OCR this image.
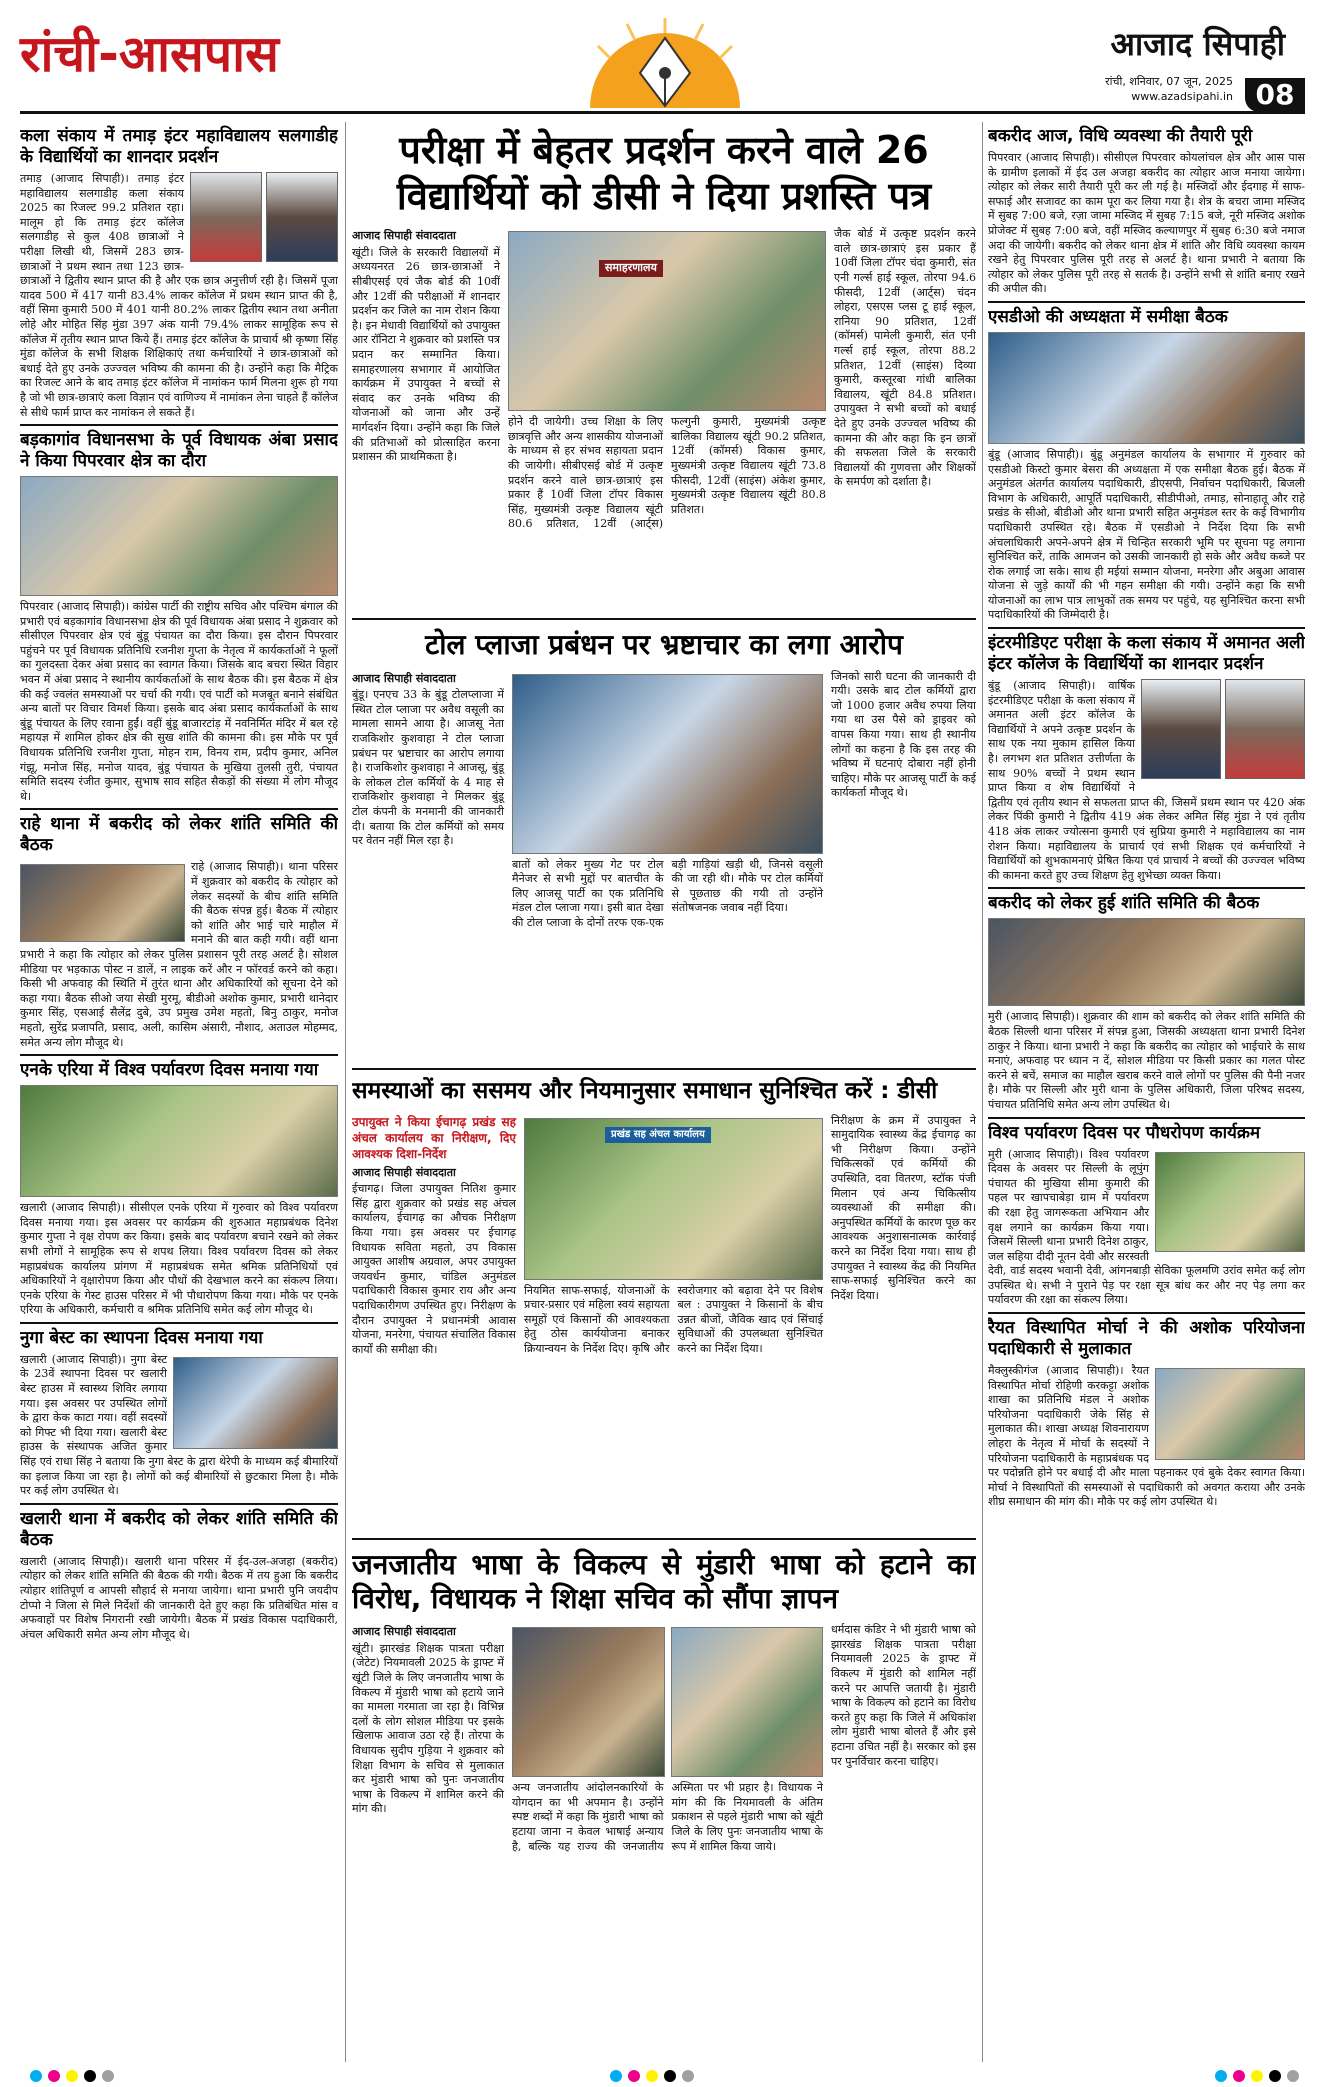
रांची-आसपास	आजाद सिपाही
रांची, शनिवार, 07 जून, 2025
www.azadsipahi.in 08
कला संकाय में तमाड़ इंटर महाविद्यालय सलगाडीह के विद्यार्थियों का शानदार प्रदर्शन

तमाड़ (आजाद सिपाही)। तमाड़ इंटर महाविद्यालय सलगाडीह कला संकाय 2025 का रिजल्ट 99.2 प्रतिशत रहा। मालूम हो कि तमाड़ इंटर कॉलेज सलगाडीह से कुल 408 छात्राओं ने परीक्षा लिखी थी, जिसमें 283 छात्र-छात्राओं ने प्रथम स्थान तथा 123 छात्र-छात्राओं ने द्वितीय स्थान प्राप्त की है और एक छात्र अनुत्तीर्ण रही है। जिसमें पूजा यादव 500 में 417 यानी 83.4% लाकर कॉलेज में प्रथम स्थान प्राप्त की है, वहीं सिमा कुमारी 500 में 401 यानी 80.2% लाकर द्वितीय स्थान तथा अनीता लोहे और मोहित सिंह मुंडा 397 अंक यानी 79.4% लाकर सामूहिक रूप से कॉलेज में तृतीय स्थान प्राप्त किये हैं। तमाड़ इंटर कॉलेज के प्राचार्य श्री कृष्णा सिंह मुंडा कॉलेज के सभी शिक्षक शिक्षिकाएं तथा कर्मचारियों ने छात्र-छात्राओं को बधाई देते हुए उनके उज्ज्वल भविष्य की कामना की है। उन्होंने कहा कि मैट्रिक का रिजल्ट आने के बाद तमाड़ इंटर कॉलेज में नामांकन फार्म मिलना शुरू हो गया है जो भी छात्र-छात्राएं कला विज्ञान एवं वाणिज्य में नामांकन लेना चाहते हैं कॉलेज से सीधे फार्म प्राप्त कर नामांकन ले सकते हैं।

बड़कागांव विधानसभा के पूर्व विधायक अंबा प्रसाद ने किया पिपरवार क्षेत्र का दौरा

पिपरवार (आजाद सिपाही)। कांग्रेस पार्टी की राष्ट्रीय सचिव और पश्चिम बंगाल की प्रभारी एवं बड़कागांव विधानसभा क्षेत्र की पूर्व विधायक अंबा प्रसाद ने शुक्रवार को सीसीएल पिपरवार क्षेत्र एवं बुंडू पंचायत का दौरा किया। इस दौरान पिपरवार पहुंचने पर पूर्व विधायक प्रतिनिधि रजनीश गुप्ता के नेतृत्व में कार्यकर्ताओं ने फूलों का गुलदस्ता देकर अंबा प्रसाद का स्वागत किया। जिसके बाद बचरा स्थित विहार भवन में अंबा प्रसाद ने स्थानीय कार्यकर्ताओं के साथ बैठक की। इस बैठक में क्षेत्र की कई ज्वलंत समस्याओं पर चर्चा की गयी। एवं पार्टी को मजबूत बनाने संबंधित अन्य बातों पर विचार विमर्श किया। इसके बाद अंबा प्रसाद कार्यकर्ताओं के साथ बुंडू पंचायत के लिए रवाना हुईं। वहीं बुंडू बाजारटांड़ में नवनिर्मित मंदिर में बल रहे महायज्ञ में शामिल होकर क्षेत्र की सुख शांति की कामना की। इस मौके पर पूर्व विधायक प्रतिनिधि रजनीश गुप्ता, मोहन राम, विनय राम, प्रदीप कुमार, अनिल गंझू, मनोज सिंह, मनोज यादव, बुंडू पंचायत के मुखिया तुलसी तुरी, पंचायत समिति सदस्य रंजीत कुमार, सुभाष साव सहित सैकड़ों की संख्या में लोग मौजूद थे।

राहे थाना में बकरीद को लेकर शांति समिति की बैठक

राहे (आजाद सिपाही)। थाना परिसर में शुक्रवार को बकरीद के त्योहार को लेकर सदस्यों के बीच शांति समिति की बैठक संपन्न हुई। बैठक में त्योहार को शांति और भाई चारे माहौल में मनाने की बात कही गयी। वहीं थाना प्रभारी ने कहा कि त्योहार को लेकर पुलिस प्रशासन पूरी तरह अलर्ट है। सोशल मीडिया पर भड़काऊ पोस्ट न डालें, न लाइक करें और न फॉरवर्ड करने को कहा। किसी भी अफवाह की स्थिति में तुरंत थाना और अधिकारियों को सूचना देने को कहा गया। बैठक सीओ जया सेखी मुरमू, बीडीओ अशोक कुमार, प्रभारी थानेदार कुमार सिंह, एसआई सैलेंद्र दुबे, उप प्रमुख उमेश महतो, बिनु ठाकुर, मनोज महतो, सुरेंद्र प्रजापति, प्रसाद, अली, कासिम अंसारी, नौशाद, अताउल मोहम्मद, समेत अन्य लोग मौजूद थे।

एनके एरिया में विश्व पर्यावरण दिवस मनाया गया

खलारी (आजाद सिपाही)। सीसीएल एनके एरिया में गुरुवार को विश्व पर्यावरण दिवस मनाया गया। इस अवसर पर कार्यक्रम की शुरुआत महाप्रबंधक दिनेश कुमार गुप्ता ने वृक्ष रोपण कर किया। इसके बाद पर्यावरण बचाने रखने को लेकर सभी लोगों ने सामूहिक रूप से शपथ लिया। विश्व पर्यावरण दिवस को लेकर महाप्रबंधक कार्यालय प्रांगण में महाप्रबंधक समेत श्रमिक प्रतिनिधियों एवं अधिकारियों ने वृक्षारोपण किया और पौधों की देखभाल करने का संकल्प लिया। एनके एरिया के गेस्ट हाउस परिसर में भी पौधारोपण किया गया। मौके पर एनके एरिया के अधिकारी, कर्मचारी व श्रमिक प्रतिनिधि समेत कई लोग मौजूद थे।

नुगा बेस्ट का स्थापना दिवस मनाया गया

खलारी (आजाद सिपाही)। नुगा बेस्ट के 23वें स्थापना दिवस पर खलारी बेस्ट हाउस में स्वास्थ्य शिविर लगाया गया। इस अवसर पर उपस्थित लोगों के द्वारा केक काटा गया। वहीं सदस्यों को गिफ्ट भी दिया गया। खलारी बेस्ट हाउस के संस्थापक अजित कुमार सिंह एवं राधा सिंह ने बताया कि नुगा बेस्ट के द्वारा थेरेपी के माध्यम कई बीमारियों का इलाज किया जा रहा है। लोगों को कई बीमारियों से छुटकारा मिला है। मौके पर कई लोग उपस्थित थे।

खलारी थाना में बकरीद को लेकर शांति समिति की बैठक

खलारी (आजाद सिपाही)। खलारी थाना परिसर में ईद-उल-अजहा (बकरीद) त्योहार को लेकर शांति समिति की बैठक की गयी। बैठक में तय हुआ कि बकरीद त्योहार शांतिपूर्ण व आपसी सौहार्द से मनाया जायेगा। थाना प्रभारी पुनि जयदीप टोप्पो ने जिला से मिले निर्देशों की जानकारी देते हुए कहा कि प्रतिबंधित मांस व अफवाहों पर विशेष निगरानी रखी जायेगी। बैठक में प्रखंड विकास पदाधिकारी, अंचल अधिकारी समेत अन्य लोग मौजूद थे।

परीक्षा में बेहतर प्रदर्शन करने वाले 26 विद्यार्थियों को डीसी ने दिया प्रशस्ति पत्र
आजाद सिपाही संवाददाता

खूंटी। जिले के सरकारी विद्यालयों में अध्ययनरत 26 छात्र-छात्राओं ने सीबीएसई एवं जैक बोर्ड की 10वीं और 12वीं की परीक्षाओं में शानदार प्रदर्शन कर जिले का नाम रोशन किया है। इन मेधावी विद्यार्थियों को उपायुक्त आर रॉनिटा ने शुक्रवार को प्रशस्ति पत्र प्रदान कर सम्मानित किया। समाहरणालय सभागार में आयोजित कार्यक्रम में उपायुक्त ने बच्चों से संवाद कर उनके भविष्य की योजनाओं को जाना और उन्हें मार्गदर्शन दिया। उन्होंने कहा कि जिले की प्रतिभाओं को प्रोत्साहित करना प्रशासन की प्राथमिकता है।

समाहरणालय

होने दी जायेगी। उच्च शिक्षा के लिए छात्रवृत्ति और अन्य शासकीय योजनाओं के माध्यम से हर संभव सहायता प्रदान की जायेगी। सीबीएसई बोर्ड में उत्कृष्ट प्रदर्शन करने वाले छात्र-छात्राएं इस प्रकार हैं 10वीं जिला टॉपर विकास सिंह, मुख्यमंत्री उत्कृष्ट विद्यालय खूंटी 80.6 प्रतिशत, 12वीं (आर्ट्स) फल्गुनी कुमारी, मुख्यमंत्री उत्कृष्ट बालिका विद्यालय खूंटी 90.2 प्रतिशत, 12वीं (कॉमर्स) विकास कुमार, मुख्यमंत्री उत्कृष्ट विद्यालय खूंटी 73.8 फीसदी, 12वीं (साइंस) अंकेश कुमार, मुख्यमंत्री उत्कृष्ट विद्यालय खूंटी 80.8 प्रतिशत।

जैक बोर्ड में उत्कृष्ट प्रदर्शन करने वाले छात्र-छात्राएं इस प्रकार हैं 10वीं जिला टॉपर चंदा कुमारी, संत एनी गर्ल्स हाई स्कूल, तोरपा 94.6 फीसदी, 12वीं (आर्ट्स) चंदन लोहरा, एसएस प्लस टू हाई स्कूल, रानिया 90 प्रतिशत, 12वीं (कॉमर्स) पामेली कुमारी, संत एनी गर्ल्स हाई स्कूल, तोरपा 88.2 प्रतिशत, 12वीं (साइंस) दिव्या कुमारी, कस्तूरबा गांधी बालिका विद्यालय, खूंटी 84.8 प्रतिशत। उपायुक्त ने सभी बच्चों को बधाई देते हुए उनके उज्ज्वल भविष्य की कामना की और कहा कि इन छात्रों की सफलता जिले के सरकारी विद्यालयों की गुणवत्ता और शिक्षकों के समर्पण को दर्शाता है।

टोल प्लाजा प्रबंधन पर भ्रष्टाचार का लगा आरोप
आजाद सिपाही संवाददाता

बुंडू। एनएच 33 के बुंडू टोलप्लाजा में स्थित टोल प्लाजा पर अवैध वसूली का मामला सामने आया है। आजसू नेता राजकिशोर कुशवाहा ने टोल प्लाजा प्रबंधन पर भ्रष्टाचार का आरोप लगाया है। राजकिशोर कुशवाहा ने आजसू, बुंडू के लोकल टोल कर्मियों के 4 माह से राजकिशोर कुशवाहा ने मिलकर बुंडू टोल कंपनी के मनमानी की जानकारी दी। बताया कि टोल कर्मियों को समय पर वेतन नहीं मिल रहा है।

बातों को लेकर मुख्य गेट पर टोल मैनेजर से सभी मुद्दों पर बातचीत के लिए आजसू पार्टी का एक प्रतिनिधि मंडल टोल प्लाजा गया। इसी बात देखा की टोल प्लाजा के दोनों तरफ एक-एक बड़ी गाड़ियां खड़ी थी, जिनसे वसूली की जा रही थी। मौके पर टोल कर्मियों से पूछताछ की गयी तो उन्होंने संतोषजनक जवाब नहीं दिया।

जिनको सारी घटना की जानकारी दी गयी। उसके बाद टोल कर्मियों द्वारा जो 1000 हजार अवैध रुपया लिया गया था उस पैसे को ड्राइवर को वापस किया गया। साथ ही स्थानीय लोगों का कहना है कि इस तरह की भविष्य में घटनाएं दोबारा नहीं होनी चाहिए। मौके पर आजसू पार्टी के कई कार्यकर्ता मौजूद थे।

समस्याओं का ससमय और नियमानुसार समाधान सुनिश्चित करें : डीसी
उपायुक्त ने किया ईचागढ़ प्रखंड सह अंचल कार्यालय का निरीक्षण, दिए आवश्यक दिशा-निर्देश
आजाद सिपाही संवाददाता

ईचागढ़। जिला उपायुक्त नितिश कुमार सिंह द्वारा शुक्रवार को प्रखंड सह अंचल कार्यालय, ईचागढ़ का औचक निरीक्षण किया गया। इस अवसर पर ईचागढ़ विधायक सविता महतो, उप विकास आयुक्त आशीष अग्रवाल, अपर उपायुक्त जयवर्धन कुमार, चांडिल अनुमंडल पदाधिकारी विकास कुमार राय और अन्य पदाधिकारीगण उपस्थित हुए। निरीक्षण के दौरान उपायुक्त ने प्रधानमंत्री आवास योजना, मनरेगा, पंचायत संचालित विकास कार्यों की समीक्षा की।

प्रखंड सह अंचल कार्यालय

नियमित साफ-सफाई, योजनाओं के प्रचार-प्रसार एवं महिला स्वयं सहायता समूहों एवं किसानों की आवश्यकता हेतु ठोस कार्ययोजना बनाकर क्रियान्वयन के निर्देश दिए। कृषि और स्वरोजगार को बढ़ावा देने पर विशेष बल : उपायुक्त ने किसानों के बीच उन्नत बीजों, जैविक खाद एवं सिंचाई सुविधाओं की उपलब्धता सुनिश्चित करने का निर्देश दिया।

निरीक्षण के क्रम में उपायुक्त ने सामुदायिक स्वास्थ्य केंद्र ईचागढ़ का भी निरीक्षण किया। उन्होंने चिकित्सकों एवं कर्मियों की उपस्थिति, दवा वितरण, स्टॉक पंजी मिलान एवं अन्य चिकित्सीय व्यवस्थाओं की समीक्षा की। अनुपस्थित कर्मियों के कारण पूछ कर आवश्यक अनुशासनात्मक कार्रवाई करने का निर्देश दिया गया। साथ ही उपायुक्त ने स्वास्थ्य केंद्र की नियमित साफ-सफाई सुनिश्चित करने का निर्देश दिया।

जनजातीय भाषा के विकल्प से मुंडारी भाषा को हटाने का विरोध, विधायक ने शिक्षा सचिव को सौंपा ज्ञापन
आजाद सिपाही संवाददाता

खूंटी। झारखंड शिक्षक पात्रता परीक्षा (जेटेट) नियमावली 2025 के ड्राफ्ट में खूंटी जिले के लिए जनजातीय भाषा के विकल्प में मुंडारी भाषा को हटाये जाने का मामला गरमाता जा रहा है। विभिन्न दलों के लोग सोशल मीडिया पर इसके खिलाफ आवाज उठा रहे हैं। तोरपा के विधायक सुदीप गुड़िया ने शुक्रवार को शिक्षा विभाग के सचिव से मुलाकात कर मुंडारी भाषा को पुनः जनजातीय भाषा के विकल्प में शामिल करने की मांग की।

अन्य जनजातीय आंदोलनकारियों के योगदान का भी अपमान है। उन्होंने स्पष्ट शब्दों में कहा कि मुंडारी भाषा को हटाया जाना न केवल भाषाई अन्याय है, बल्कि यह राज्य की जनजातीय अस्मिता पर भी प्रहार है। विधायक ने मांग की कि नियमावली के अंतिम प्रकाशन से पहले मुंडारी भाषा को खूंटी जिले के लिए पुनः जनजातीय भाषा के रूप में शामिल किया जाये।

धर्मदास कंडिर ने भी मुंडारी भाषा को झारखंड शिक्षक पात्रता परीक्षा नियमावली 2025 के ड्राफ्ट में विकल्प में मुंडारी को शामिल नहीं करने पर आपत्ति जतायी है। मुंडारी भाषा के विकल्प को हटाने का विरोध करते हुए कहा कि जिले में अधिकांश लोग मुंडारी भाषा बोलते हैं और इसे हटाना उचित नहीं है। सरकार को इस पर पुनर्विचार करना चाहिए।

बकरीद आज, विधि व्यवस्था की तैयारी पूरी

पिपरवार (आजाद सिपाही)। सीसीएल पिपरवार कोयलांचल क्षेत्र और आस पास के ग्रामीण इलाकों में ईद उल अजहा बकरीद का त्योहार आज मनाया जायेगा। त्योहार को लेकर सारी तैयारी पूरी कर ली गई है। मस्जिदों और ईदगाह में साफ-सफाई और सजावट का काम पूरा कर लिया गया है। शेत्र के बचरा जामा मस्जिद में सुबह 7:00 बजे, रज़ा जामा मस्जिद में सुबह 7:15 बजे, नूरी मस्जिद अशोक प्रोजेक्ट में सुबह 7:00 बजे, वहीं मस्जिद कल्याणपुर में सुबह 6:30 बजे नमाज अदा की जायेगी। बकरीद को लेकर थाना क्षेत्र में शांति और विधि व्यवस्था कायम रखने हेतु पिपरवार पुलिस पूरी तरह से अलर्ट है। थाना प्रभारी ने बताया कि त्योहार को लेकर पुलिस पूरी तरह से सतर्क है। उन्होंने सभी से शांति बनाए रखने की अपील की।

एसडीओ की अध्यक्षता में समीक्षा बैठक

बुंडू (आजाद सिपाही)। बुंडू अनुमंडल कार्यालय के सभागार में गुरुवार को एसडीओ किस्टो कुमार बेसरा की अध्यक्षता में एक समीक्षा बैठक हुई। बैठक में अनुमंडल अंतर्गत कार्यालय पदाधिकारी, डीएसपी, निर्वाचन पदाधिकारी, बिजली विभाग के अधिकारी, आपूर्ति पदाधिकारी, सीडीपीओ, तमाड़, सोनाहातू और राहे प्रखंड के सीओ, बीडीओ और थाना प्रभारी सहित अनुमंडल स्तर के कई विभागीय पदाधिकारी उपस्थित रहे। बैठक में एसडीओ ने निर्देश दिया कि सभी अंचलाधिकारी अपने-अपने क्षेत्र में चिन्हित सरकारी भूमि पर सूचना पट्ट लगाना सुनिश्चित करें, ताकि आमजन को उसकी जानकारी हो सके और अवैध कब्जे पर रोक लगाई जा सके। साथ ही मईयां सम्मान योजना, मनरेगा और अबुआ आवास योजना से जुड़े कार्यों की भी गहन समीक्षा की गयी। उन्होंने कहा कि सभी योजनाओं का लाभ पात्र लाभुकों तक समय पर पहुंचे, यह सुनिश्चित करना सभी पदाधिकारियों की जिम्मेदारी है।

इंटरमीडिएट परीक्षा के कला संकाय में अमानत अली इंटर कॉलेज के विद्यार्थियों का शानदार प्रदर्शन

बुंडू (आजाद सिपाही)। वार्षिक इंटरमीडिएट परीक्षा के कला संकाय में अमानत अली इंटर कॉलेज के विद्यार्थियों ने अपने उत्कृष्ट प्रदर्शन के साथ एक नया मुकाम हासिल किया है। लगभग शत प्रतिशत उत्तीर्णता के साथ 90% बच्चों ने प्रथम स्थान प्राप्त किया व शेष विद्यार्थियों ने द्वितीय एवं तृतीय स्थान से सफलता प्राप्त की, जिसमें प्रथम स्थान पर 420 अंक लेकर पिंकी कुमारी ने द्वितीय 419 अंक लेकर अमित सिंह मुंडा ने एवं तृतीय 418 अंक लाकर ज्योत्सना कुमारी एवं सुप्रिया कुमारी ने महाविद्यालय का नाम रोशन किया। महाविद्यालय के प्राचार्य एवं सभी शिक्षक एवं कर्मचारियों ने विद्यार्थियों को शुभकामनाएं प्रेषित किया एवं प्राचार्य ने बच्चों की उज्ज्वल भविष्य की कामना करते हुए उच्च शिक्षण हेतु शुभेच्छा व्यक्त किया।

बकरीद को लेकर हुई शांति समिति की बैठक

मुरी (आजाद सिपाही)। शुक्रवार की शाम को बकरीद को लेकर शांति समिति की बैठक सिल्ली थाना परिसर में संपन्न हुआ, जिसकी अध्यक्षता थाना प्रभारी दिनेश ठाकुर ने किया। थाना प्रभारी ने कहा कि बकरीद का त्योहार को भाईचारे के साथ मनाएं, अफवाह पर ध्यान न दें, सोशल मीडिया पर किसी प्रकार का गलत पोस्ट करने से बचें, समाज का माहौल खराब करने वाले लोगों पर पुलिस की पैनी नजर है। मौके पर सिल्ली और मुरी थाना के पुलिस अधिकारी, जिला परिषद सदस्य, पंचायत प्रतिनिधि समेत अन्य लोग उपस्थित थे।

विश्व पर्यावरण दिवस पर पौधरोपण कार्यक्रम

मुरी (आजाद सिपाही)। विश्व पर्यावरण दिवस के अवसर पर सिल्ली के लूपुंग पंचायत की मुखिया सीमा कुमारी की पहल पर खापचाबेड़ा ग्राम में पर्यावरण की रक्षा हेतु जागरूकता अभियान और वृक्ष लगाने का कार्यक्रम किया गया। जिसमें सिल्ली थाना प्रभारी दिनेश ठाकुर, जल सहिया दीदी नूतन देवी और सरस्वती देवी, वार्ड सदस्य भवानी देवी, आंगनबाड़ी सेविका फूलमणि उरांव समेत कई लोग उपस्थित थे। सभी ने पुराने पेड़ पर रक्षा सूत्र बांध कर और नए पेड़ लगा कर पर्यावरण की रक्षा का संकल्प लिया।

रैयत विस्थापित मोर्चा ने की अशोक परियोजना पदाधिकारी से मुलाकात

मैक्लुस्कीगंज (आजाद सिपाही)। रैयत विस्थापित मोर्चा रोहिणी करकट्टा अशोक शाखा का प्रतिनिधि मंडल ने अशोक परियोजना पदाधिकारी जेके सिंह से मुलाकात की। शाखा अध्यक्ष शिवनारायण लोहरा के नेतृत्व में मोर्चा के सदस्यों ने परियोजना पदाधिकारी के महाप्रबंधक पद पर पदोन्नति होने पर बधाई दी और माला पहनाकर एवं बुके देकर स्वागत किया। मोर्चा ने विस्थापितों की समस्याओं से पदाधिकारी को अवगत कराया और उनके शीघ्र समाधान की मांग की। मौके पर कई लोग उपस्थित थे।
